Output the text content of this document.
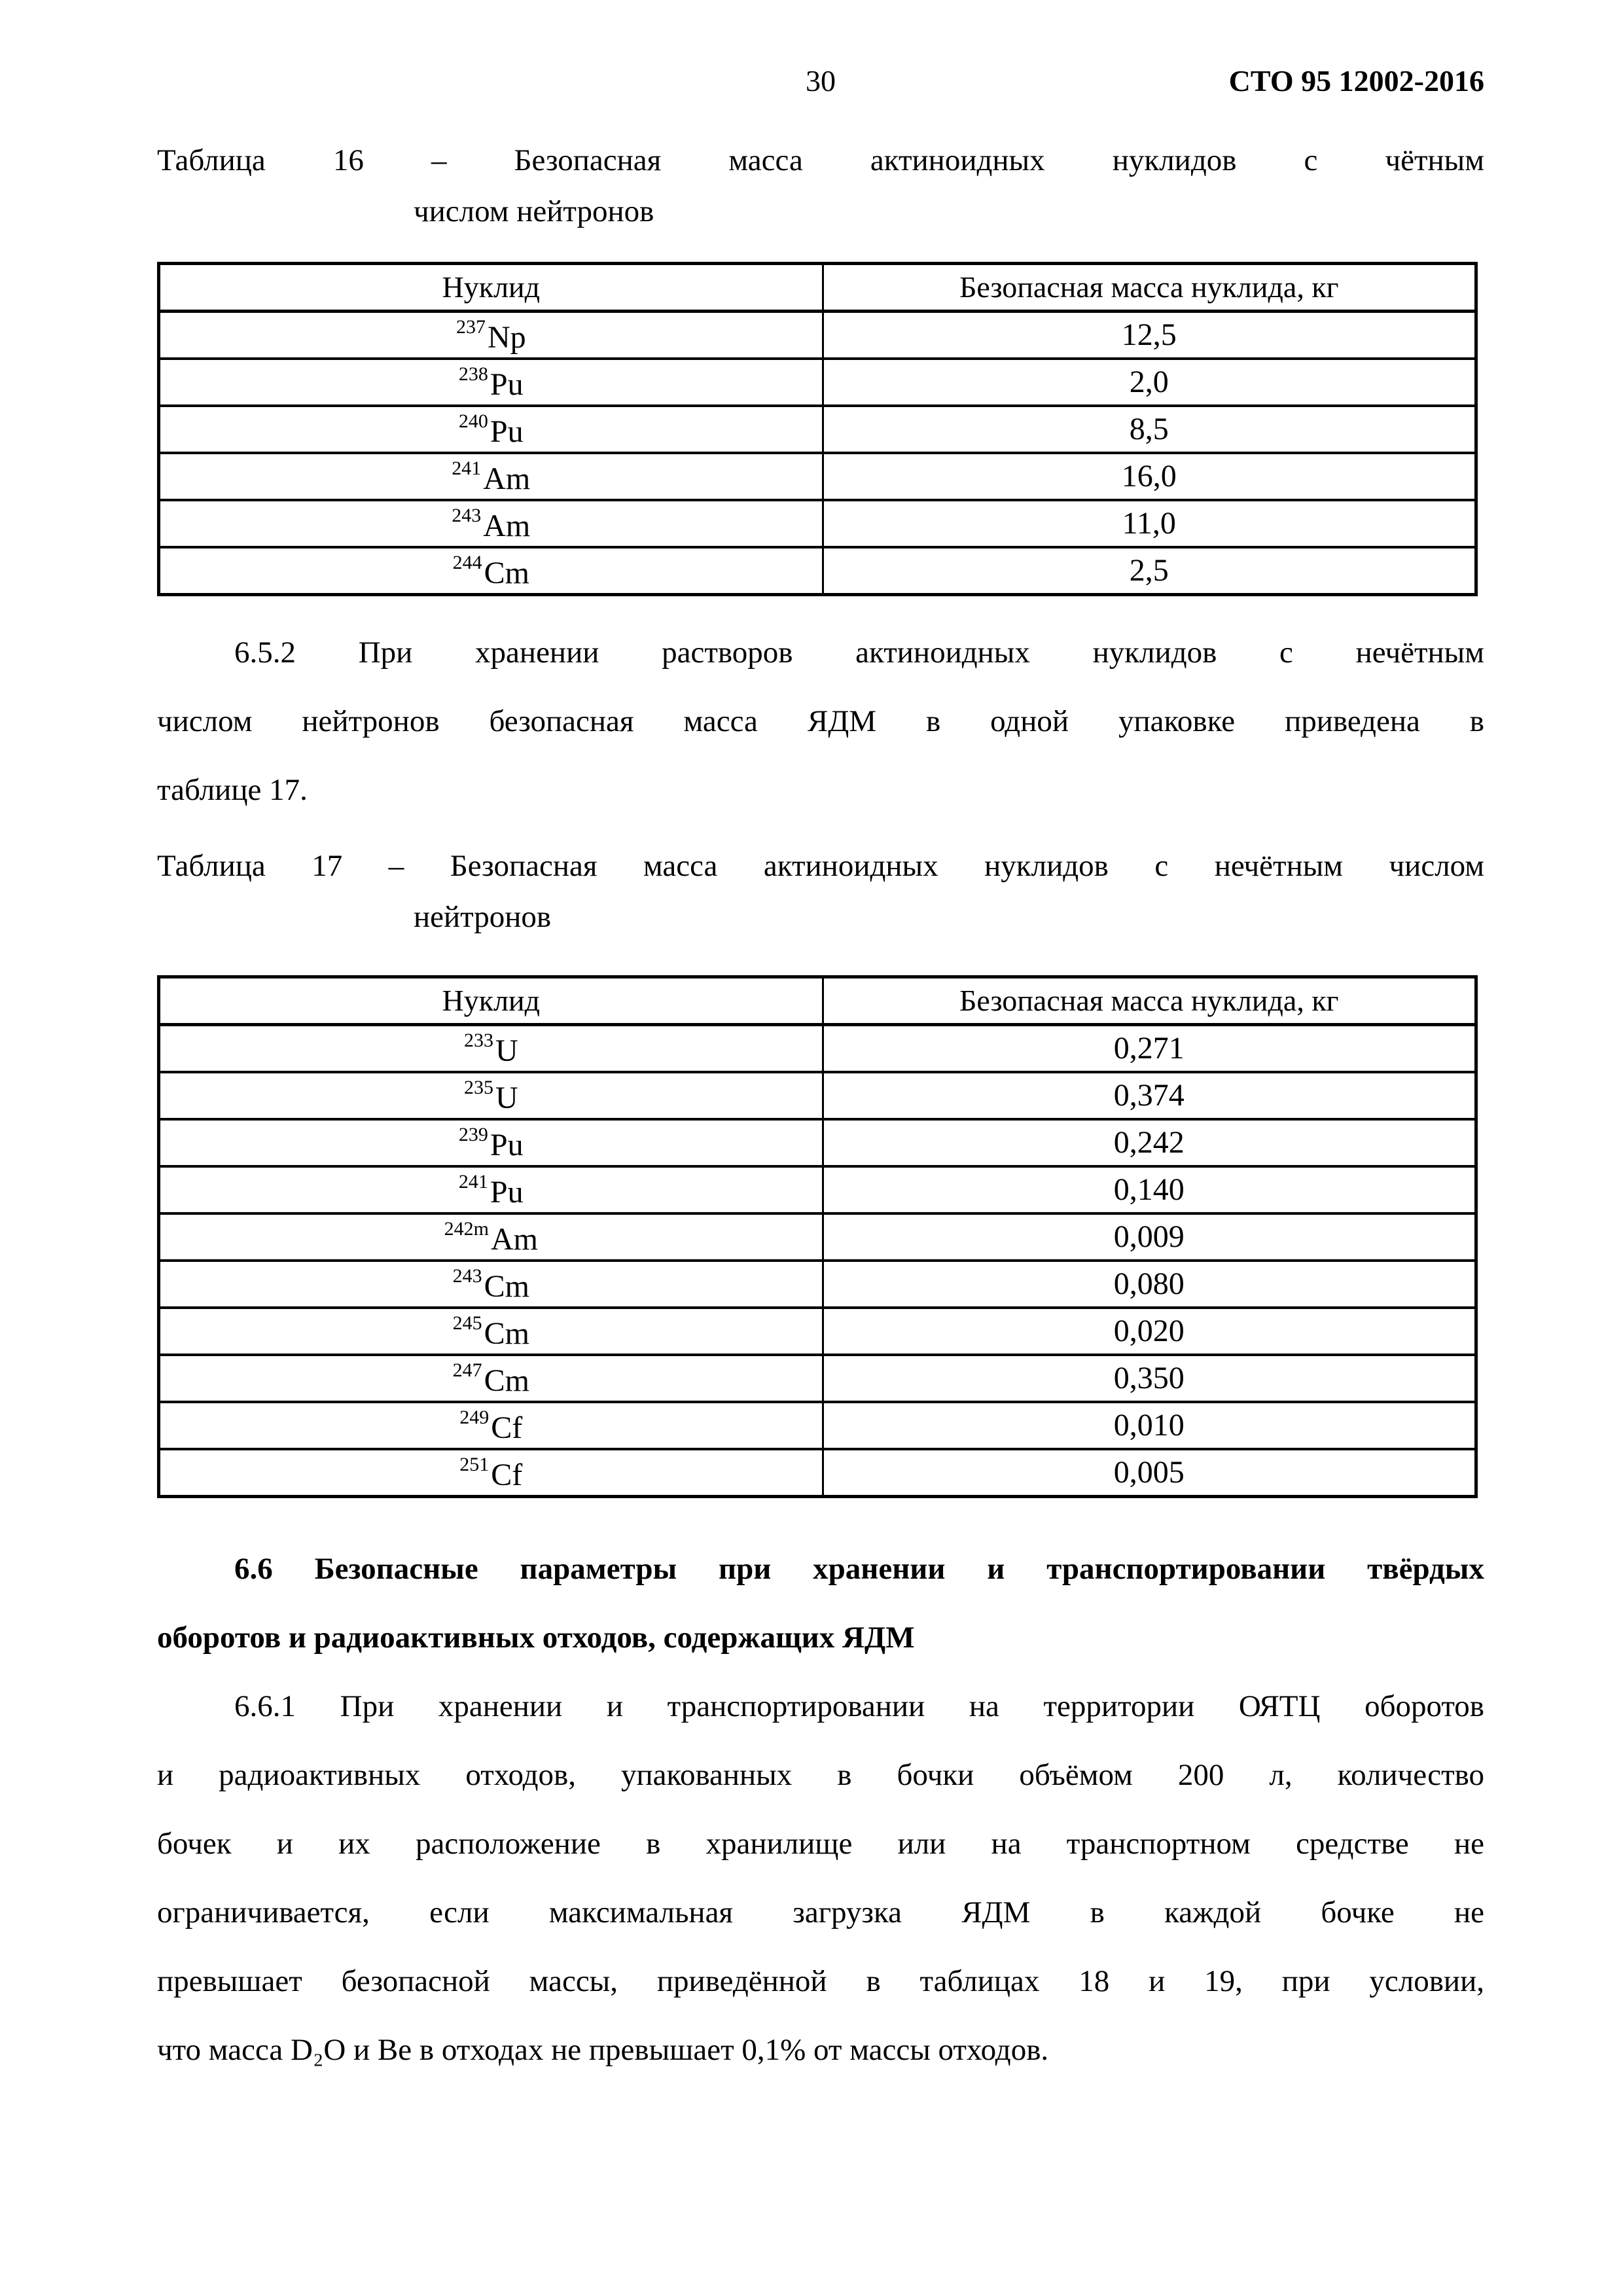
30	СТО 95 12002-2016
Таблица 16 – Безопасная масса актиноидных нуклидов с чётным
числом нейтронов
Нуклид	Безопасная масса нуклида, кг
$^{237}$Np	12,5
$^{238}$Pu	2,0
$^{240}$Pu	8,5
$^{241}$Am	16,0
$^{243}$Am	11,0
$^{244}$Cm	2,5
6.5.2 При хранении растворов актиноидных нуклидов с нечётным
числом нейтронов безопасная масса ЯДМ в одной упаковке приведена в
таблице 17.
Таблица 17 – Безопасная масса актиноидных нуклидов с нечётным числом
нейтронов
Нуклид	Безопасная масса нуклида, кг
$^{233}$U	0,271
$^{235}$U	0,374
$^{239}$Pu	0,242
$^{241}$Pu	0,140
$^{242m}$Am	0,009
$^{243}$Cm	0,080
$^{245}$Cm	0,020
$^{247}$Cm	0,350
$^{249}$Cf	0,010
$^{251}$Cf	0,005
6.6 Безопасные параметры при хранении и транспортировании твёрдых
оборотов и радиоактивных отходов, содержащих ЯДМ
6.6.1 При хранении и транспортировании на территории ОЯТЦ оборотов
и радиоактивных отходов, упакованных в бочки объёмом 200 л, количество
бочек и их расположение в хранилище или на транспортном средстве не
ограничивается, если максимальная загрузка ЯДМ в каждой бочке не
превышает безопасной массы, приведённой в таблицах 18 и 19, при условии,
что масса D₂O и Be в отходах не превышает 0,1% от массы отходов.
